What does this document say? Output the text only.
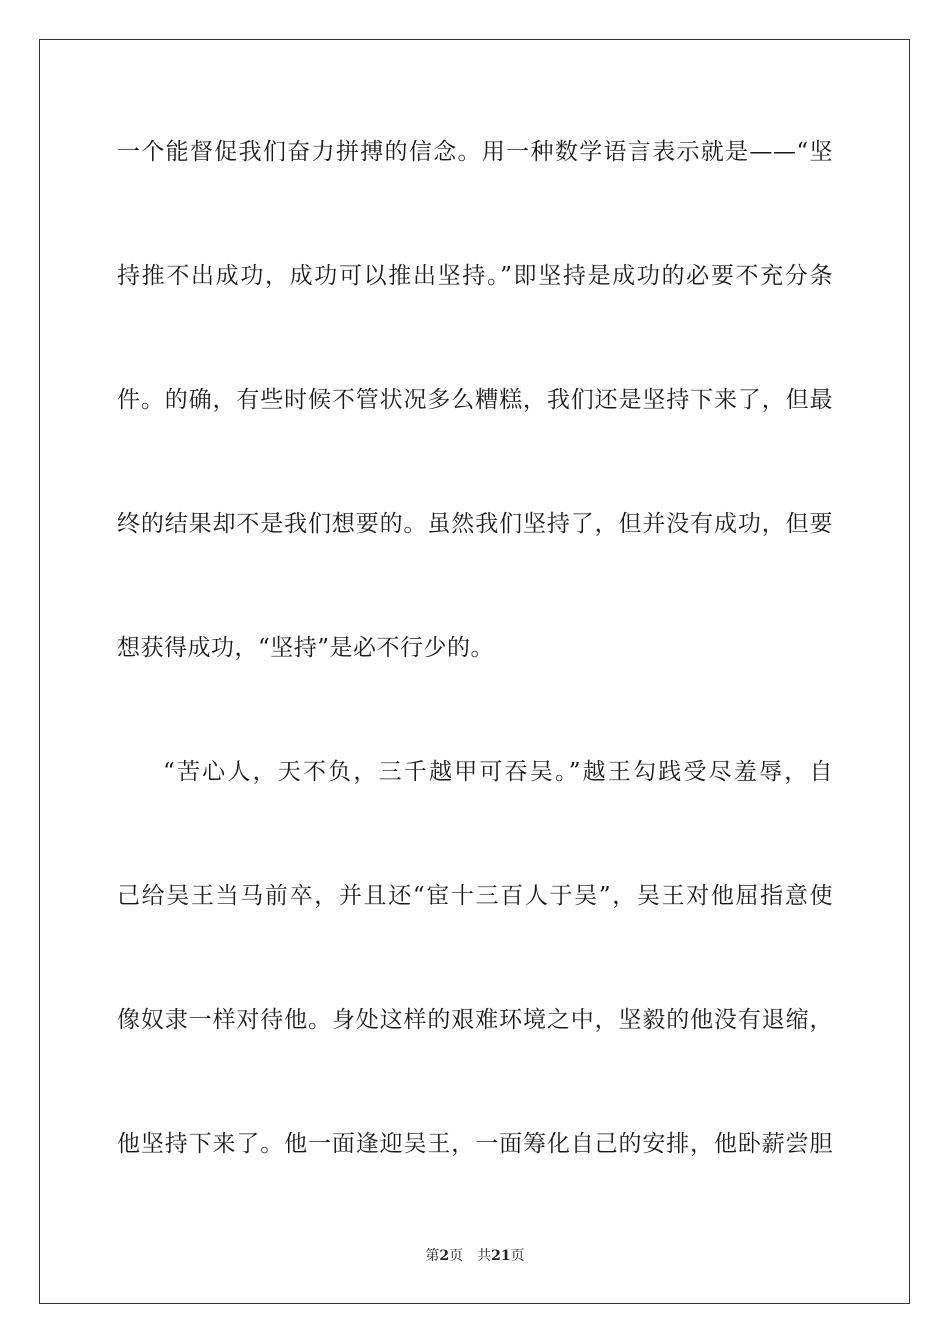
一个能督促我们奋力拼搏的信念。用一种数学语言表示就是——“坚
持推不出成功，成功可以推出坚持。”即坚持是成功的必要不充分条
件。的确，有些时候不管状况多么糟糕，我们还是坚持下来了，但最
终的结果却不是我们想要的。虽然我们坚持了，但并没有成功，但要
想获得成功，“坚持”是必不行少的。
“苦心人，天不负，三千越甲可吞吴。”越王勾践受尽羞辱，自
己给吴王当马前卒，并且还“宦十三百人于吴”，吴王对他屈指意使
像奴隶一样对待他。身处这样的艰难环境之中，坚毅的他没有退缩，
他坚持下来了。他一面逢迎吴王，一面筹化自己的安排，他卧薪尝胆
第2页 共21页
